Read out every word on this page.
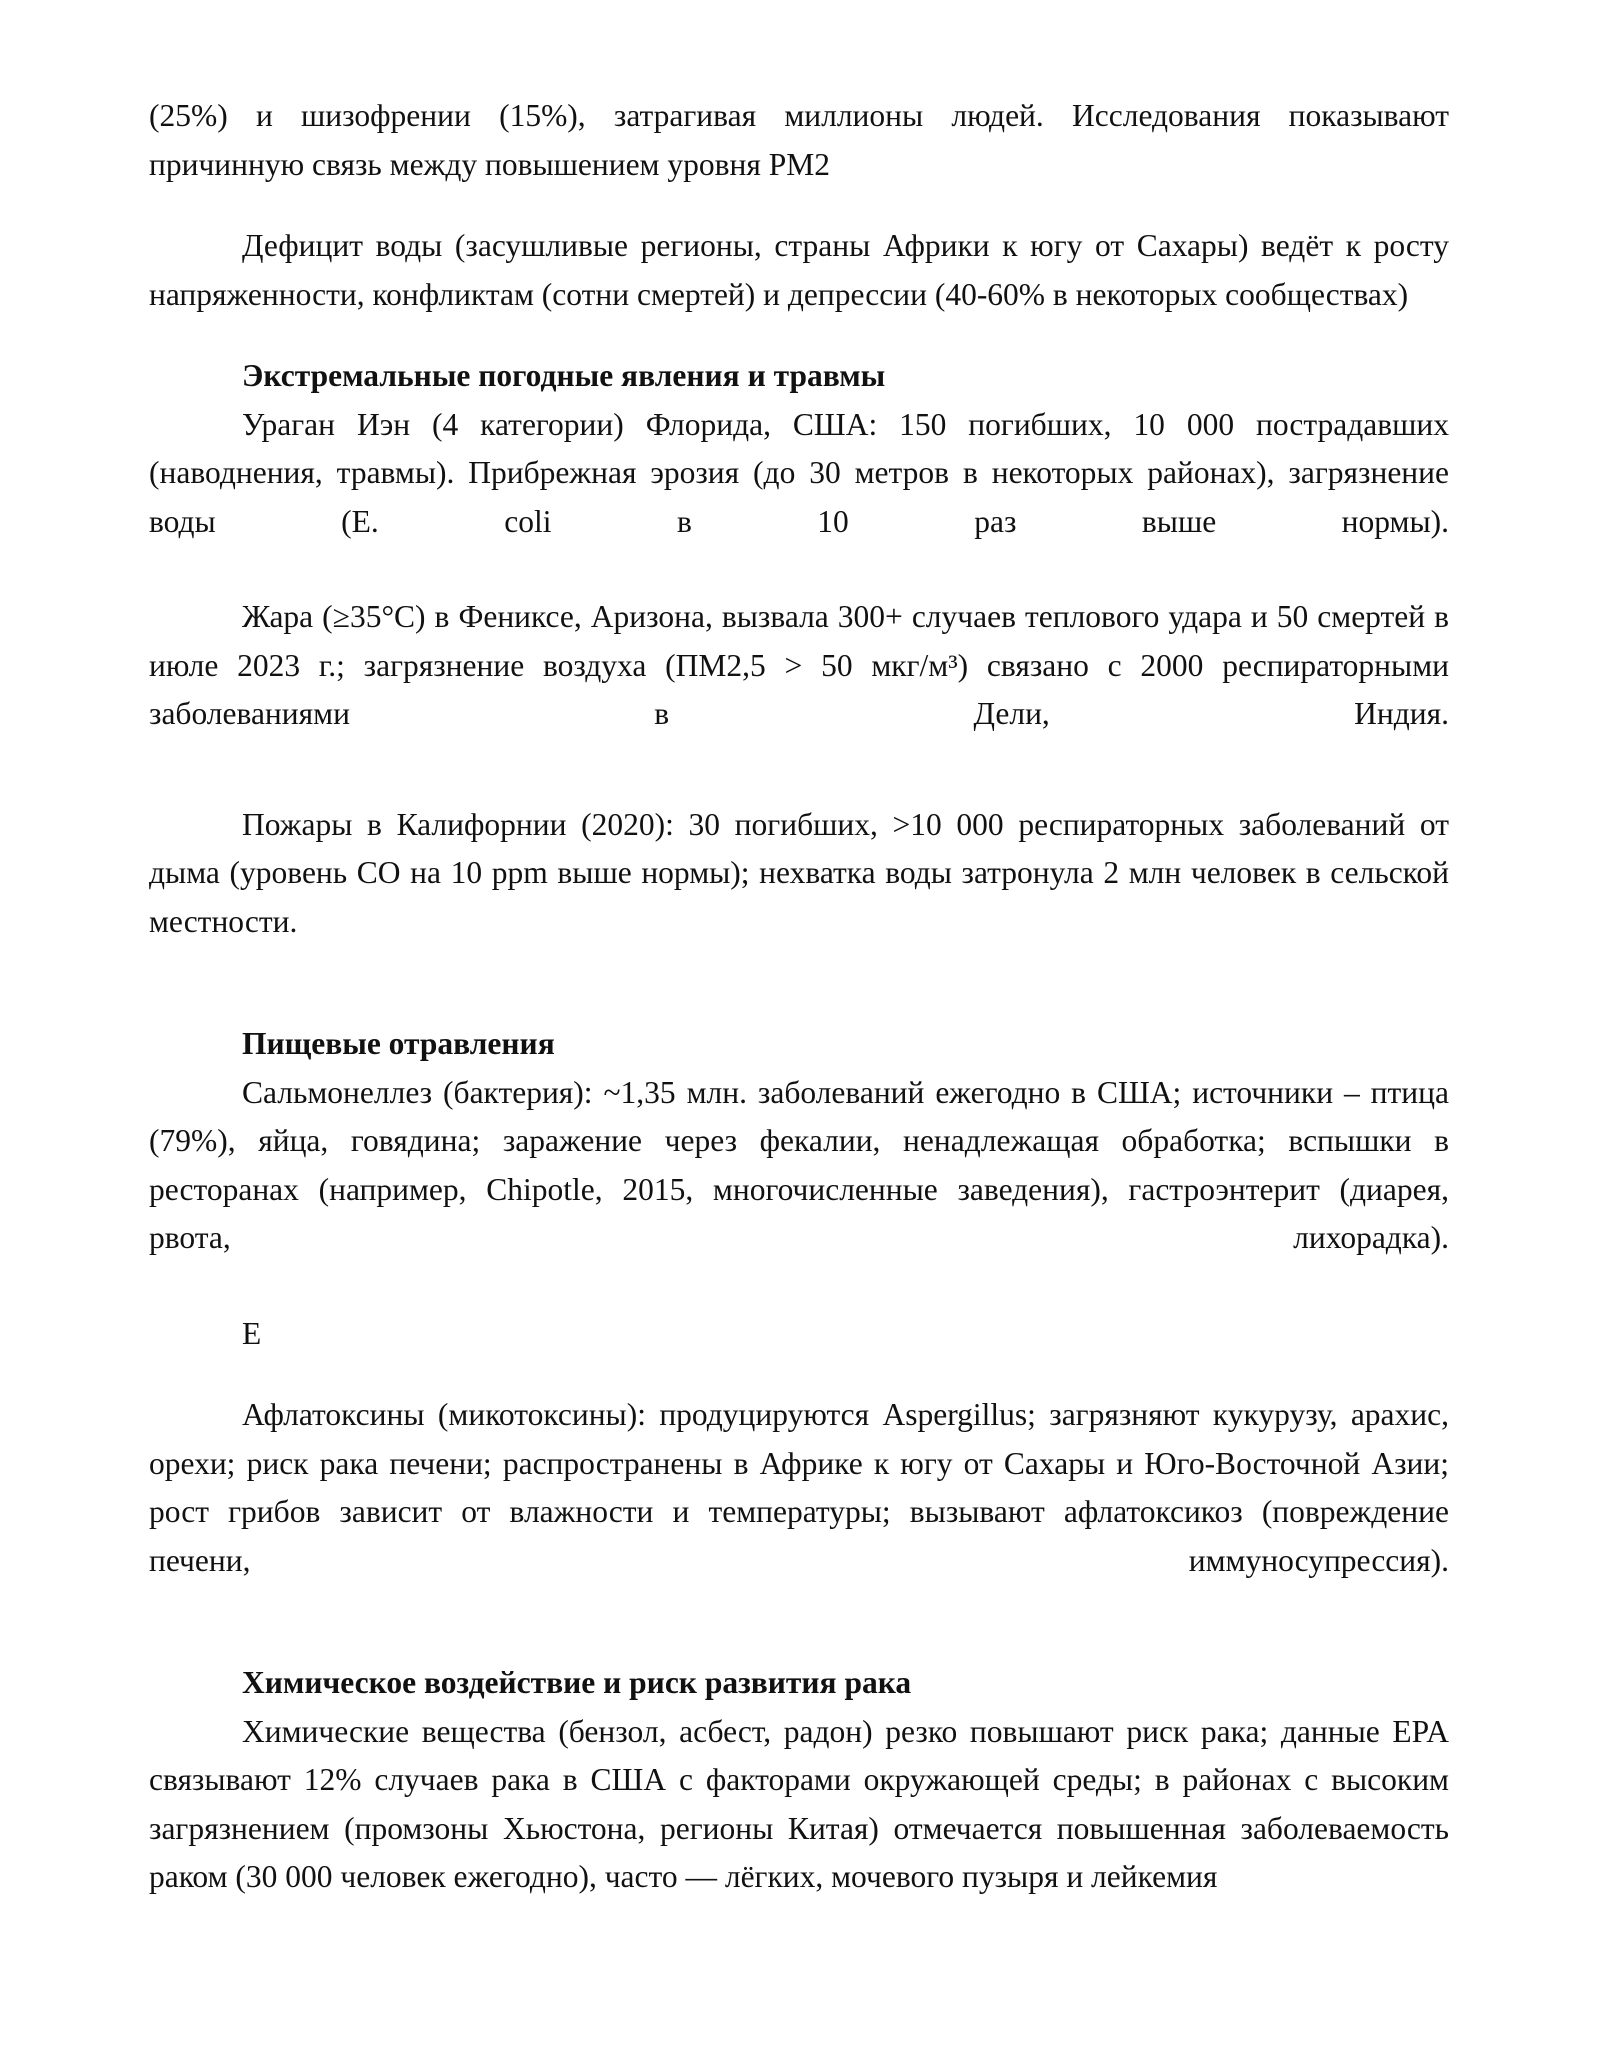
(25%) и шизофрении (15%), затрагивая миллионы людей. Исследования показывают причинную связь между повышением уровня PM2

Дефицит воды (засушливые регионы, страны Африки к югу от Сахары) ведёт к росту напряженности, конфликтам (сотни смертей) и депрессии (40-60% в некоторых сообществах)

Экстремальные погодные явления и травмы

Ураган Иэн (4 категории) Флорида, США: 150 погибших, 10 000 пострадавших (наводнения, травмы). Прибрежная эрозия (до 30 метров в некоторых районах), загрязнение воды (E. coli в 10 раз выше нормы).

Жара (≥35°C) в Фениксе, Аризона, вызвала 300+ случаев теплового удара и 50 смертей в июле 2023 г.; загрязнение воздуха (ПМ2,5 > 50 мкг/м³) связано с 2000 респираторными заболеваниями в Дели, Индия.

Пожары в Калифорнии (2020): 30 погибших, >10 000 респираторных заболеваний от дыма (уровень CO на 10 ppm выше нормы); нехватка воды затронула 2 млн человек в сельской местности.

Пищевые отравления

Сальмонеллез (бактерия): ~1,35 млн. заболеваний ежегодно в США; источники – птица (79%), яйца, говядина; заражение через фекалии, ненадлежащая обработка; вспышки в ресторанах (например, Chipotle, 2015, многочисленные заведения), гастроэнтерит (диарея, рвота, лихорадка).

E

Афлатоксины (микотоксины): продуцируются Aspergillus; загрязняют кукурузу, арахис, орехи; риск рака печени; распространены в Африке к югу от Сахары и Юго-Восточной Азии; рост грибов зависит от влажности и температуры; вызывают афлатоксикоз (повреждение печени, иммуносупрессия).

Химическое воздействие и риск развития рака

Химические вещества (бензол, асбест, радон) резко повышают риск рака; данные EPA связывают 12% случаев рака в США с факторами окружающей среды; в районах с высоким загрязнением (промзоны Хьюстона, регионы Китая) отмечается повышенная заболеваемость раком (30 000 человек ежегодно), часто — лёгких, мочевого пузыря и лейкемия
